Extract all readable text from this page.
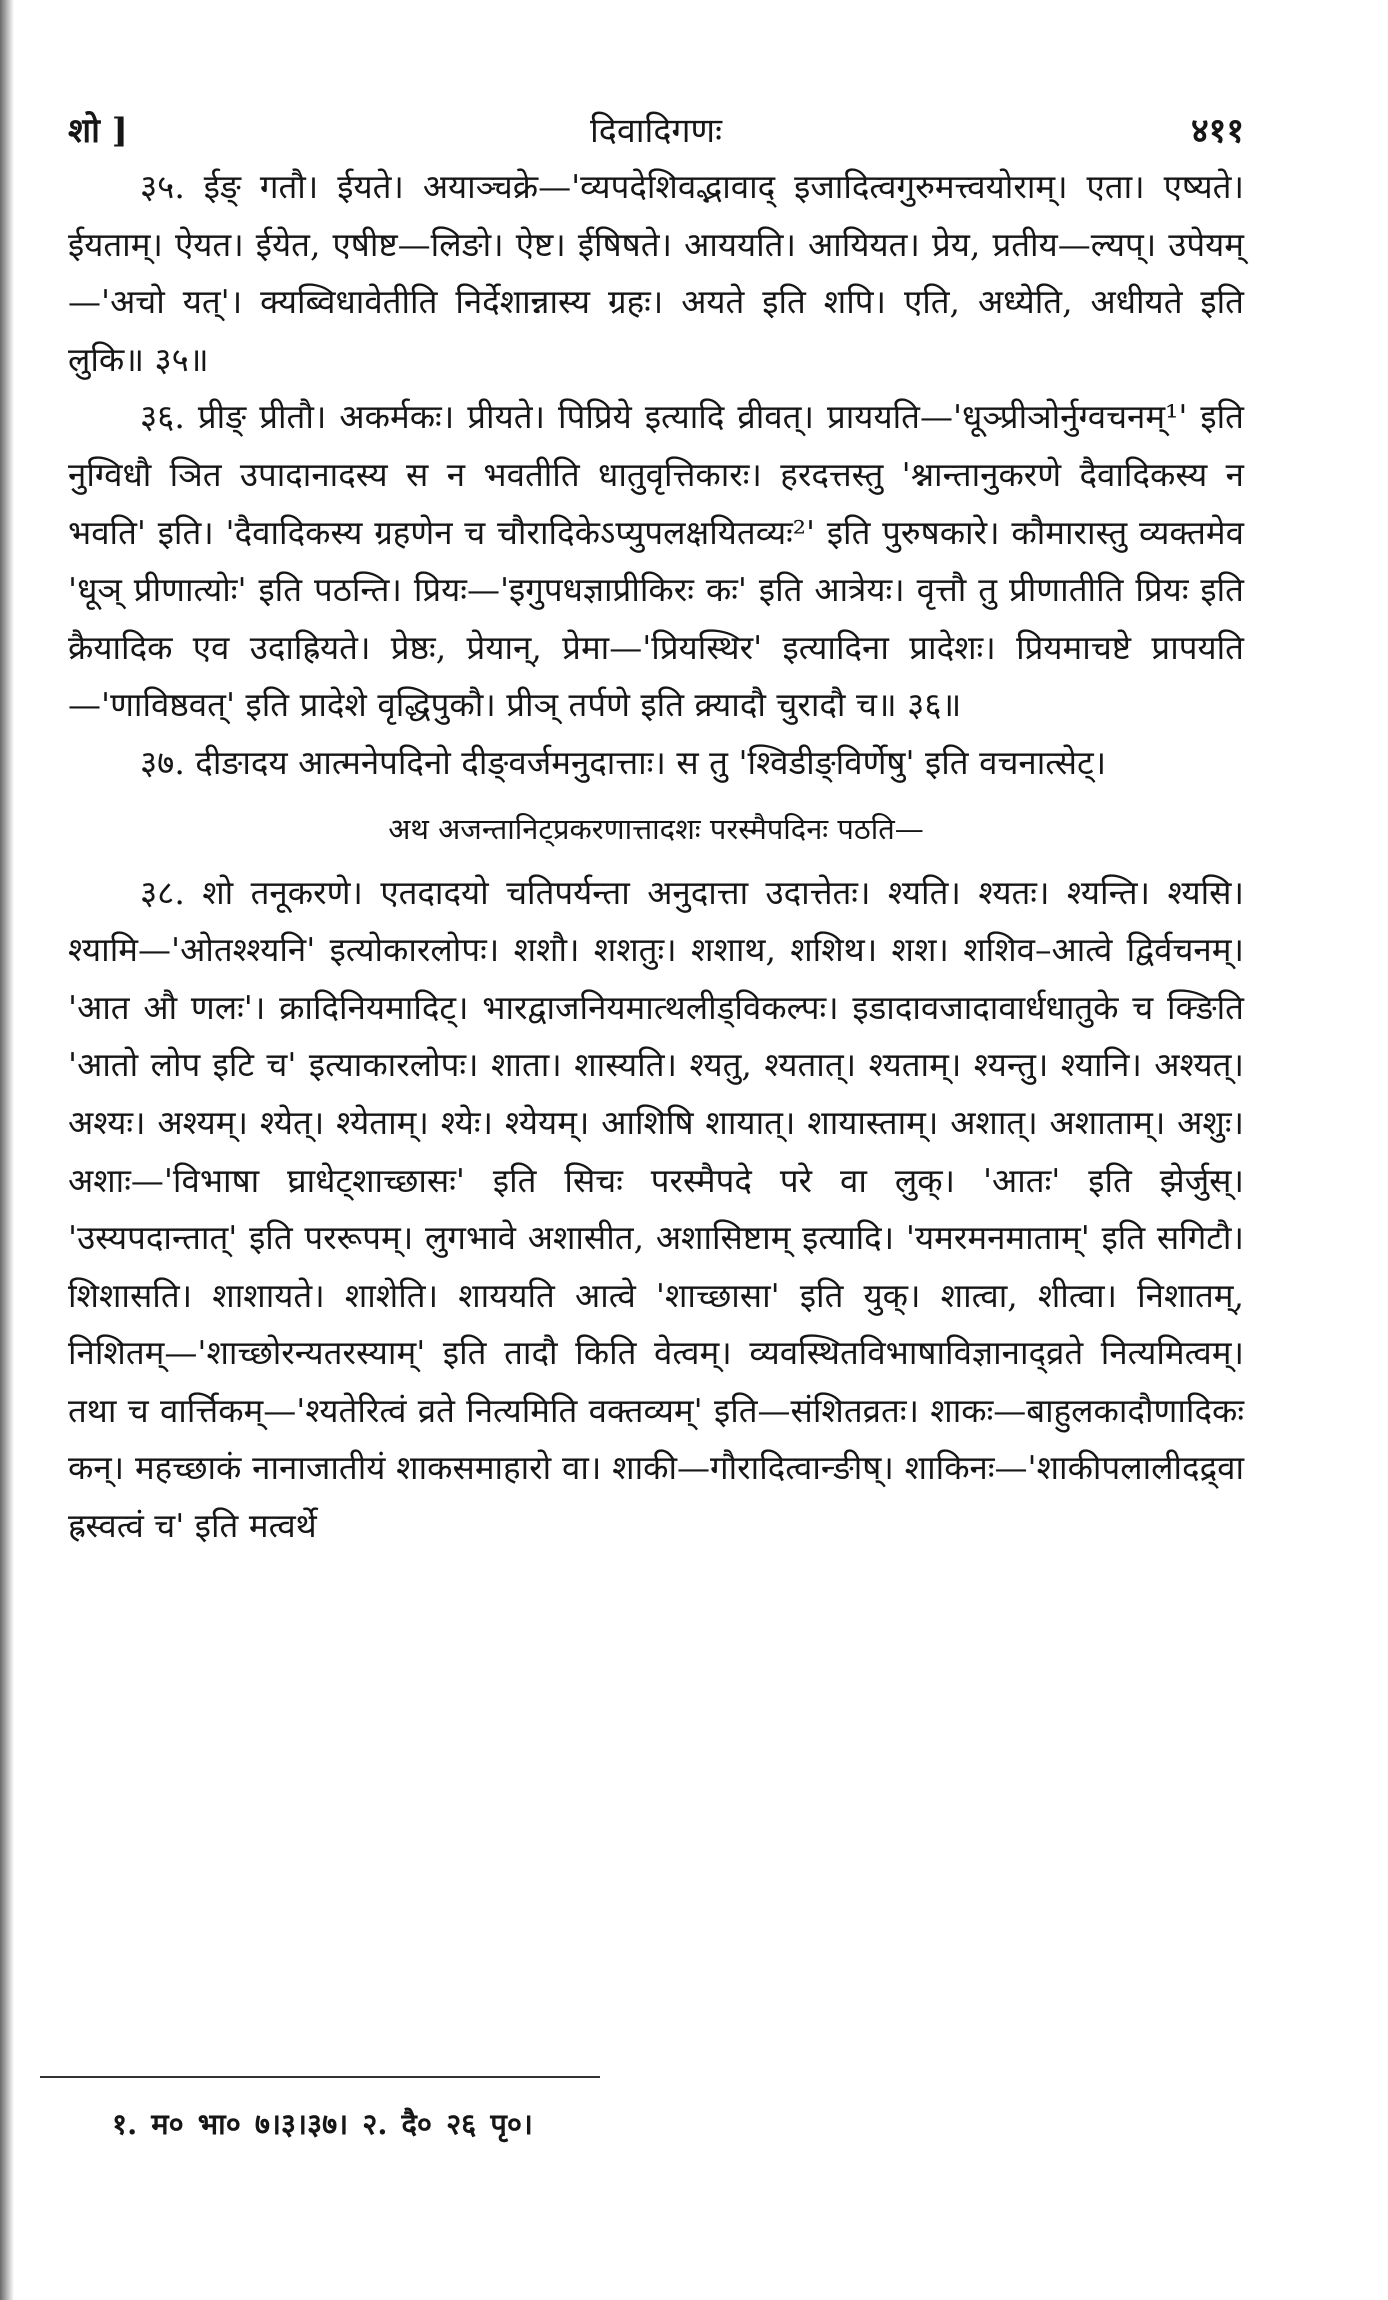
शो ]	दिवादिगणः	४११

३५. ईङ् गतौ। ईयते। अयाञ्चक्रे—'व्यपदेशिवद्भावाद् इजादित्वगुरुमत्त्वयोराम्। एता। एष्यते। ईयताम्। ऐयत। ईयेत, एषीष्ट—लिङो। ऐष्ट। ईषिषते। आययति। आयियत। प्रेय, प्रतीय—ल्यप्। उपेयम्—'अचो यत्'। क्यब्विधावेतीति निर्देशान्नास्य ग्रहः। अयते इति शपि। एति, अध्येति, अधीयते इति लुकि॥ ३५॥

३६. प्रीङ् प्रीतौ। अकर्मकः। प्रीयते। पिप्रिये इत्यादि व्रीवत्। प्राययति—'धूञ्प्रीञोर्नुग्वचनम्¹' इति नुग्विधौ ञित उपादानादस्य स न भवतीति धातुवृत्तिकारः। हरदत्तस्तु 'श्नान्तानुकरणे दैवादिकस्य न भवति' इति। 'दैवादिकस्य ग्रहणेन च चौरादिकेऽप्युपलक्षयितव्यः²' इति पुरुषकारे। कौमारास्तु व्यक्तमेव 'धूञ् प्रीणात्योः' इति पठन्ति। प्रियः—'इगुपधज्ञाप्रीकिरः कः' इति आत्रेयः। वृत्तौ तु प्रीणातीति प्रियः इति क्रैयादिक एव उदाह्रियते। प्रेष्ठः, प्रेयान्, प्रेमा—'प्रियस्थिर' इत्यादिना प्रादेशः। प्रियमाचष्टे प्रापयति—'णाविष्ठवत्' इति प्रादेशे वृद्धिपुकौ। प्रीञ् तर्पणे इति क्र्यादौ चुरादौ च॥ ३६॥

३७. दीङादय आत्मनेपदिनो दीङ्वर्जमनुदात्ताः। स तु 'श्विडीङ्विर्णेषु' इति वचनात्सेट्।

अथ अजन्तानिट्प्रकरणात्तादशः परस्मैपदिनः पठति—

३८. शो तनूकरणे। एतदादयो चतिपर्यन्ता अनुदात्ता उदात्तेतः। श्यति। श्यतः। श्यन्ति। श्यसि। श्यामि—'ओतश्श्यनि' इत्योकारलोपः। शशौ। शशतुः। शशाथ, शशिथ। शश। शशिव–आत्वे द्विर्वचनम्। 'आत औ णलः'। क्रादिनियमादिट्। भारद्वाजनियमात्थलीड्विकल्पः। इडादावजादावार्धधातुके च क्ङिति 'आतो लोप इटि च' इत्याकारलोपः। शाता। शास्यति। श्यतु, श्यतात्। श्यताम्। श्यन्तु। श्यानि। अश्यत्। अश्यः। अश्यम्। श्येत्। श्येताम्। श्येः। श्येयम्। आशिषि शायात्। शायास्ताम्। अशात्। अशाताम्। अशुः। अशाः—'विभाषा घ्राधेट्शाच्छासः' इति सिचः परस्मैपदे परे वा लुक्। 'आतः' इति झेर्जुस्। 'उस्यपदान्तात्' इति पररूपम्। लुगभावे अशासीत, अशासिष्टाम् इत्यादि। 'यमरमनमाताम्' इति सगिटौ। शिशासति। शाशायते। शाशेति। शाययति आत्वे 'शाच्छासा' इति युक्। शात्वा, शीत्वा। निशातम्, निशितम्—'शाच्छोरन्यतरस्याम्' इति तादौ किति वेत्वम्। व्यवस्थितविभाषाविज्ञानाद्व्रते नित्यमित्वम्। तथा च वार्त्तिकम्—'श्यतेरित्वं व्रते नित्यमिति वक्तव्यम्' इति—संशितव्रतः। शाकः—बाहुलकादौणादिकः कन्। महच्छाकं नानाजातीयं शाकसमाहारो वा। शाकी—गौरादित्वान्ङीष्। शाकिनः—'शाकीपलालीदद्र्वा ह्रस्वत्वं च' इति मत्वर्थे

१. म० भा० ७।३।३७। २. दै० २६ पृ०।
